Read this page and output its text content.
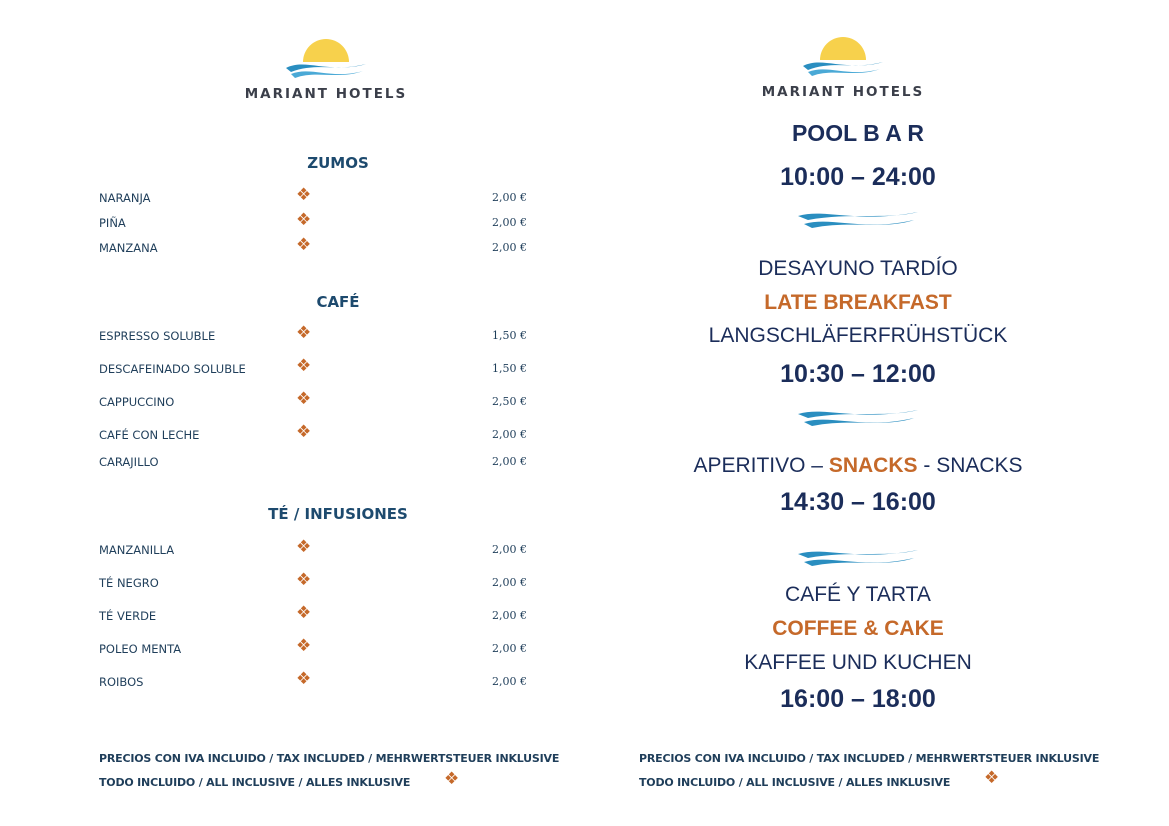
MARIANT HOTELS	MARIANT HOTELS
ZUMOS
NARANJA	❖	2,00 €
PIÑA	❖	2,00 €
MANZANA	❖	2,00 €
CAFÉ
ESPRESSO SOLUBLE	❖	1,50 €
DESCAFEINADO SOLUBLE	❖	1,50 €
CAPPUCCINO	❖	2,50 €
CAFÉ CON LECHE	❖	2,00 €
CARAJILLO	2,00 €
TÉ / INFUSIONES
MANZANILLA	❖	2,00 €
TÉ NEGRO	❖	2,00 €
TÉ VERDE	❖	2,00 €
POLEO MENTA	❖	2,00 €
ROIBOS	❖	2,00 €
PRECIOS CON IVA INCLUIDO / TAX INCLUDED / MEHRWERTSTEUER INKLUSIVE
TODO INCLUIDO / ALL INCLUSIVE / ALLES INKLUSIVE ❖
POOL B A R
10:00 – 24:00
DESAYUNO TARDÍO
LATE BREAKFAST
LANGSCHLÄFERFRÜHSTÜCK
10:30 – 12:00
APERITIVO – SNACKS - SNACKS
14:30 – 16:00
CAFÉ Y TARTA
COFFEE & CAKE
KAFFEE UND KUCHEN
16:00 – 18:00
PRECIOS CON IVA INCLUIDO / TAX INCLUDED / MEHRWERTSTEUER INKLUSIVE
TODO INCLUIDO / ALL INCLUSIVE / ALLES INKLUSIVE ❖
